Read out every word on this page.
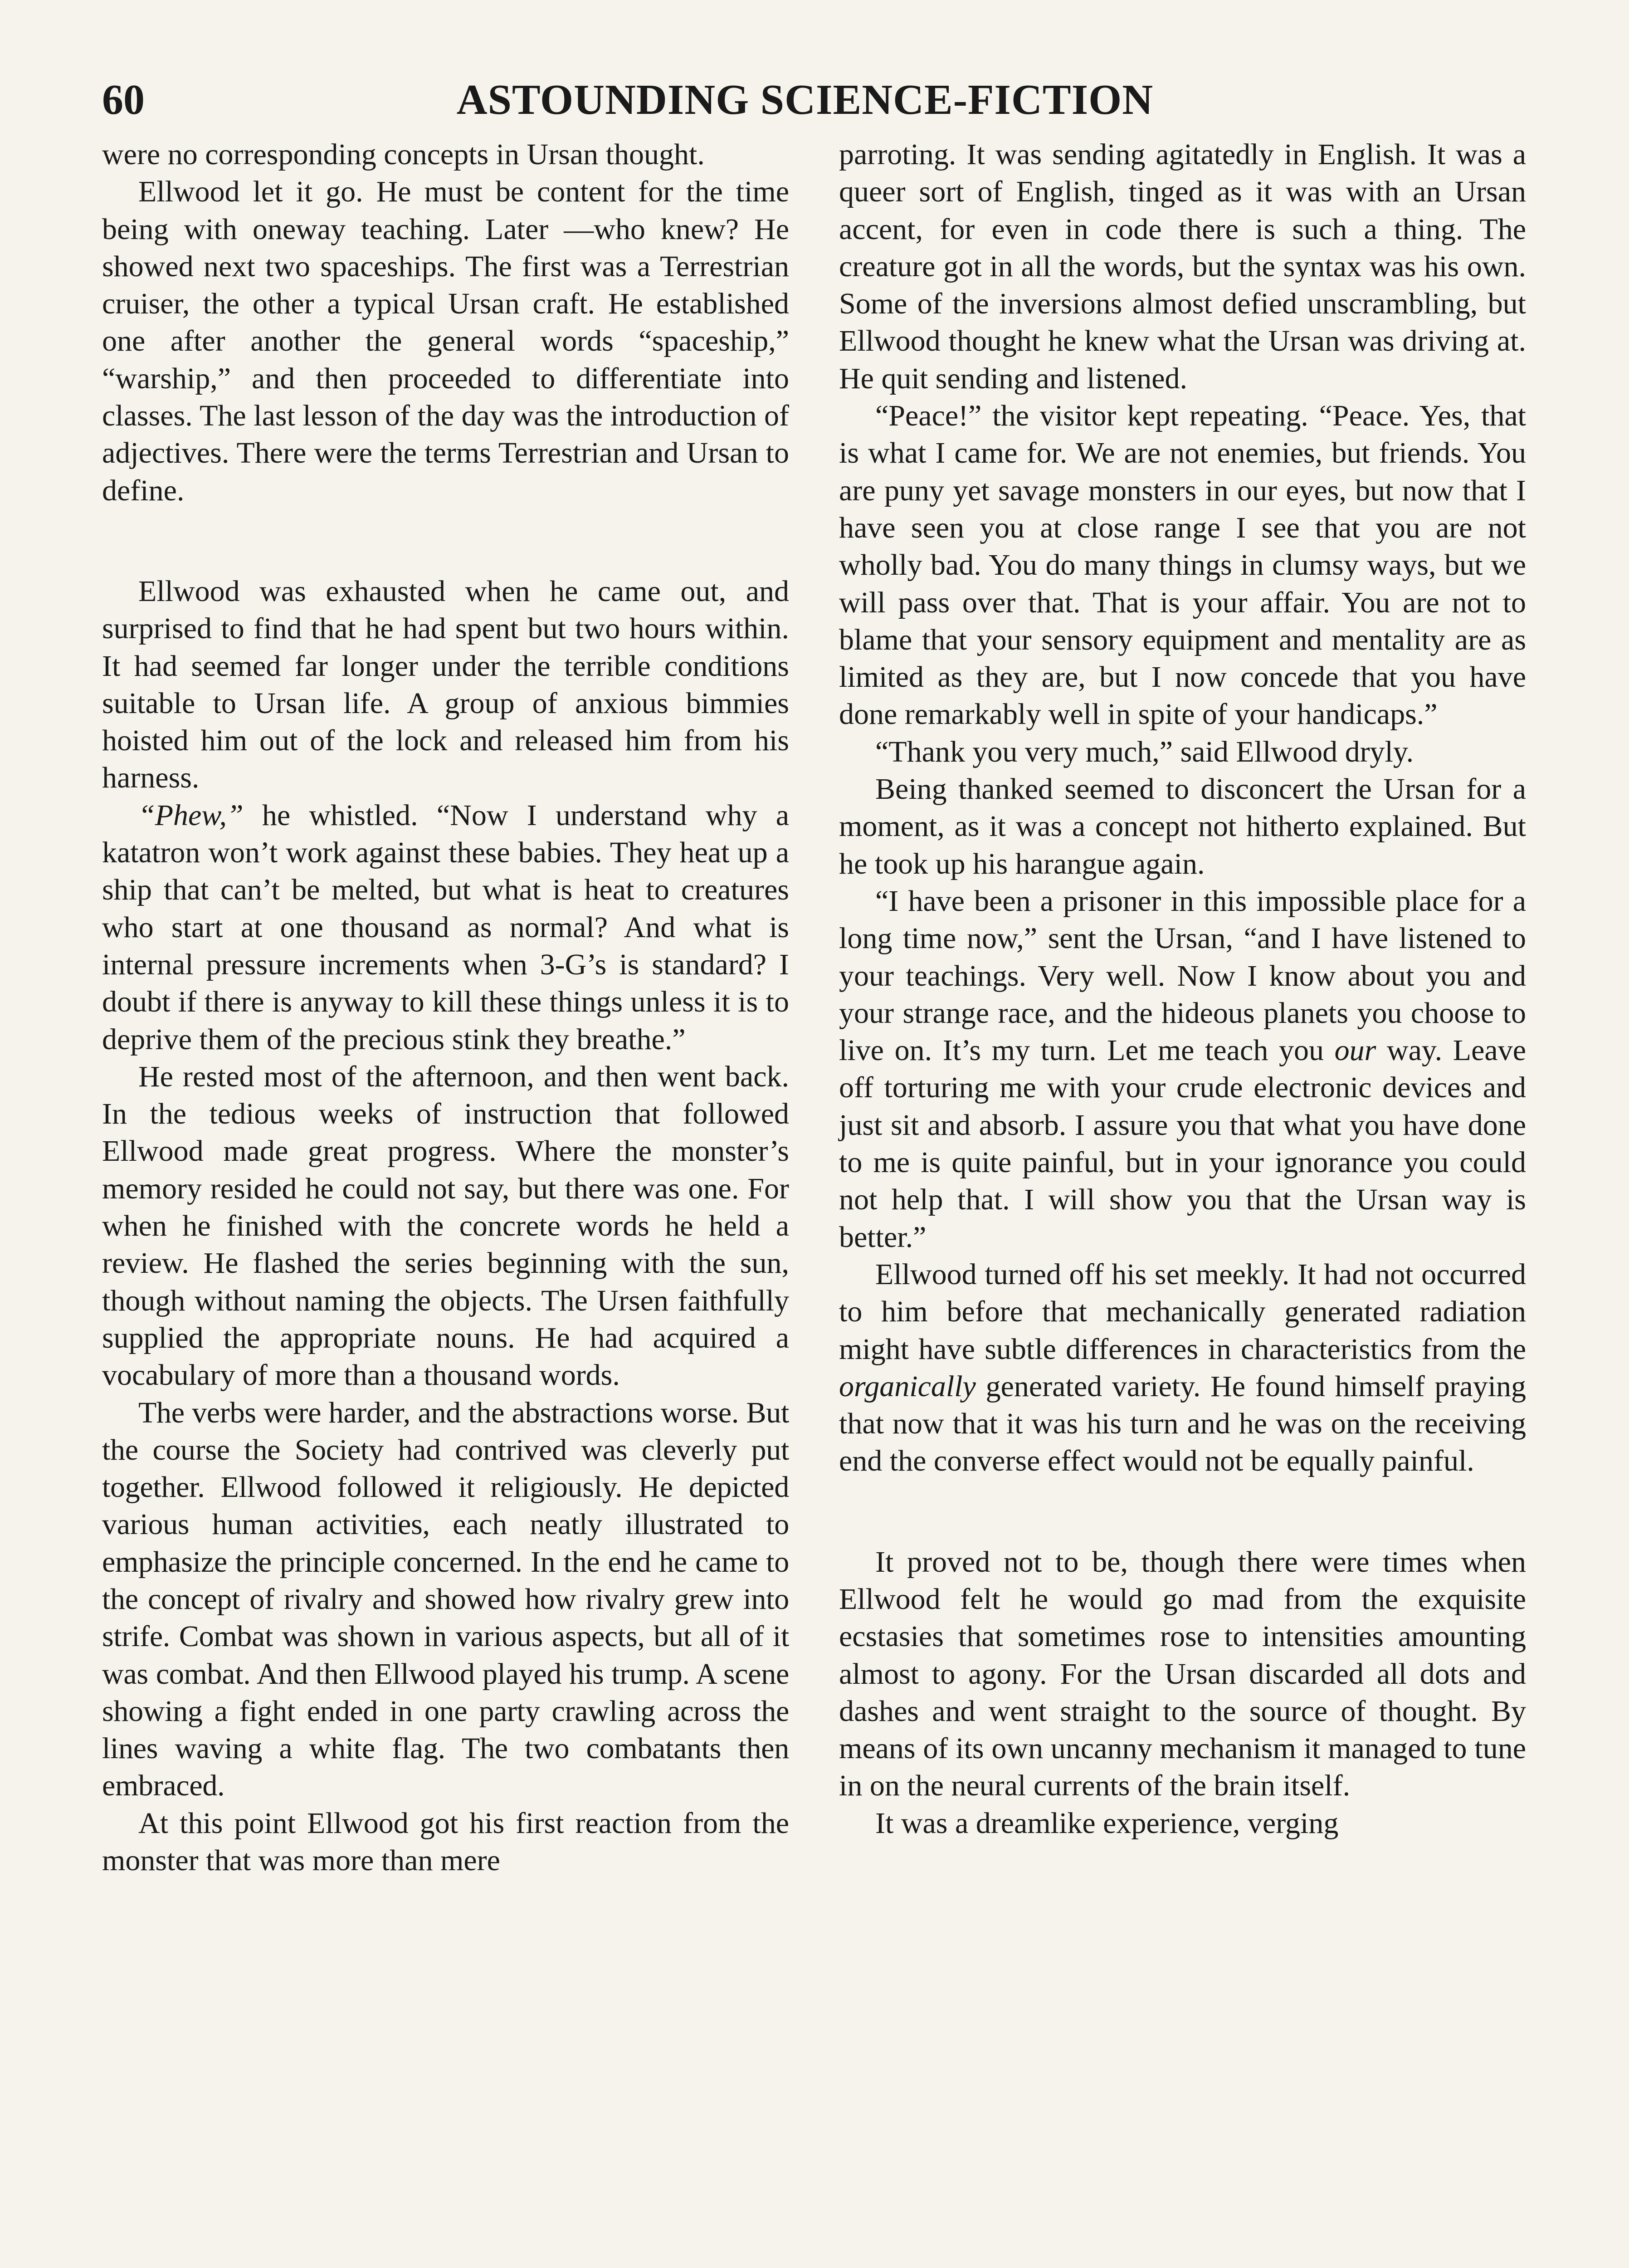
60	ASTOUNDING SCIENCE-FICTION

were no corresponding concepts in Ursan thought.

Ellwood let it go. He must be content for the time being with oneway teaching. Later —who knew? He showed next two spaceships. The first was a Terrestrian cruiser, the other a typical Ursan craft. He established one after another the general words “spaceship,” “warship,” and then proceeded to differentiate into classes. The last lesson of the day was the introduction of adjectives. There were the terms Terrestrian and Ursan to define.

Ellwood was exhausted when he came out, and surprised to find that he had spent but two hours within. It had seemed far longer under the terrible conditions suitable to Ursan life. A group of anxious bimmies hoisted him out of the lock and released him from his harness.

“Phew,” he whistled. “Now I understand why a katatron won’t work against these babies. They heat up a ship that can’t be melted, but what is heat to creatures who start at one thousand as normal? And what is internal pressure increments when 3-G’s is standard? I doubt if there is anyway to kill these things unless it is to deprive them of the precious stink they breathe.”

He rested most of the afternoon, and then went back. In the tedious weeks of instruction that followed Ellwood made great progress. Where the monster’s memory resided he could not say, but there was one. For when he finished with the concrete words he held a review. He flashed the series beginning with the sun, though without naming the objects. The Ursen faithfully supplied the appropriate nouns. He had acquired a vocabulary of more than a thousand words.

The verbs were harder, and the abstractions worse. But the course the Society had contrived was cleverly put together. Ellwood followed it religiously. He depicted various human activities, each neatly illustrated to emphasize the principle concerned. In the end he came to the concept of rivalry and showed how rivalry grew into strife. Combat was shown in various aspects, but all of it was combat. And then Ellwood played his trump. A scene showing a fight ended in one party crawling across the lines waving a white flag. The two combatants then embraced.

At this point Ellwood got his first reaction from the monster that was more than mere

parroting. It was sending agitatedly in English. It was a queer sort of English, tinged as it was with an Ursan accent, for even in code there is such a thing. The creature got in all the words, but the syntax was his own. Some of the inversions almost defied unscrambling, but Ellwood thought he knew what the Ursan was driving at. He quit sending and listened.

“Peace!” the visitor kept repeating. “Peace. Yes, that is what I came for. We are not enemies, but friends. You are puny yet savage monsters in our eyes, but now that I have seen you at close range I see that you are not wholly bad. You do many things in clumsy ways, but we will pass over that. That is your affair. You are not to blame that your sensory equipment and mentality are as limited as they are, but I now concede that you have done remarkably well in spite of your handicaps.”

“Thank you very much,” said Ellwood dryly.

Being thanked seemed to disconcert the Ursan for a moment, as it was a concept not hitherto explained. But he took up his harangue again.

“I have been a prisoner in this impossible place for a long time now,” sent the Ursan, “and I have listened to your teachings. Very well. Now I know about you and your strange race, and the hideous planets you choose to live on. It’s my turn. Let me teach you our way. Leave off torturing me with your crude electronic devices and just sit and absorb. I assure you that what you have done to me is quite painful, but in your ignorance you could not help that. I will show you that the Ursan way is better.”

Ellwood turned off his set meekly. It had not occurred to him before that mechanically generated radiation might have subtle differences in characteristics from the organically generated variety. He found himself praying that now that it was his turn and he was on the receiving end the converse effect would not be equally painful.

It proved not to be, though there were times when Ellwood felt he would go mad from the exquisite ecstasies that sometimes rose to intensities amounting almost to agony. For the Ursan discarded all dots and dashes and went straight to the source of thought. By means of its own uncanny mechanism it managed to tune in on the neural currents of the brain itself.

It was a dreamlike experience, verging
